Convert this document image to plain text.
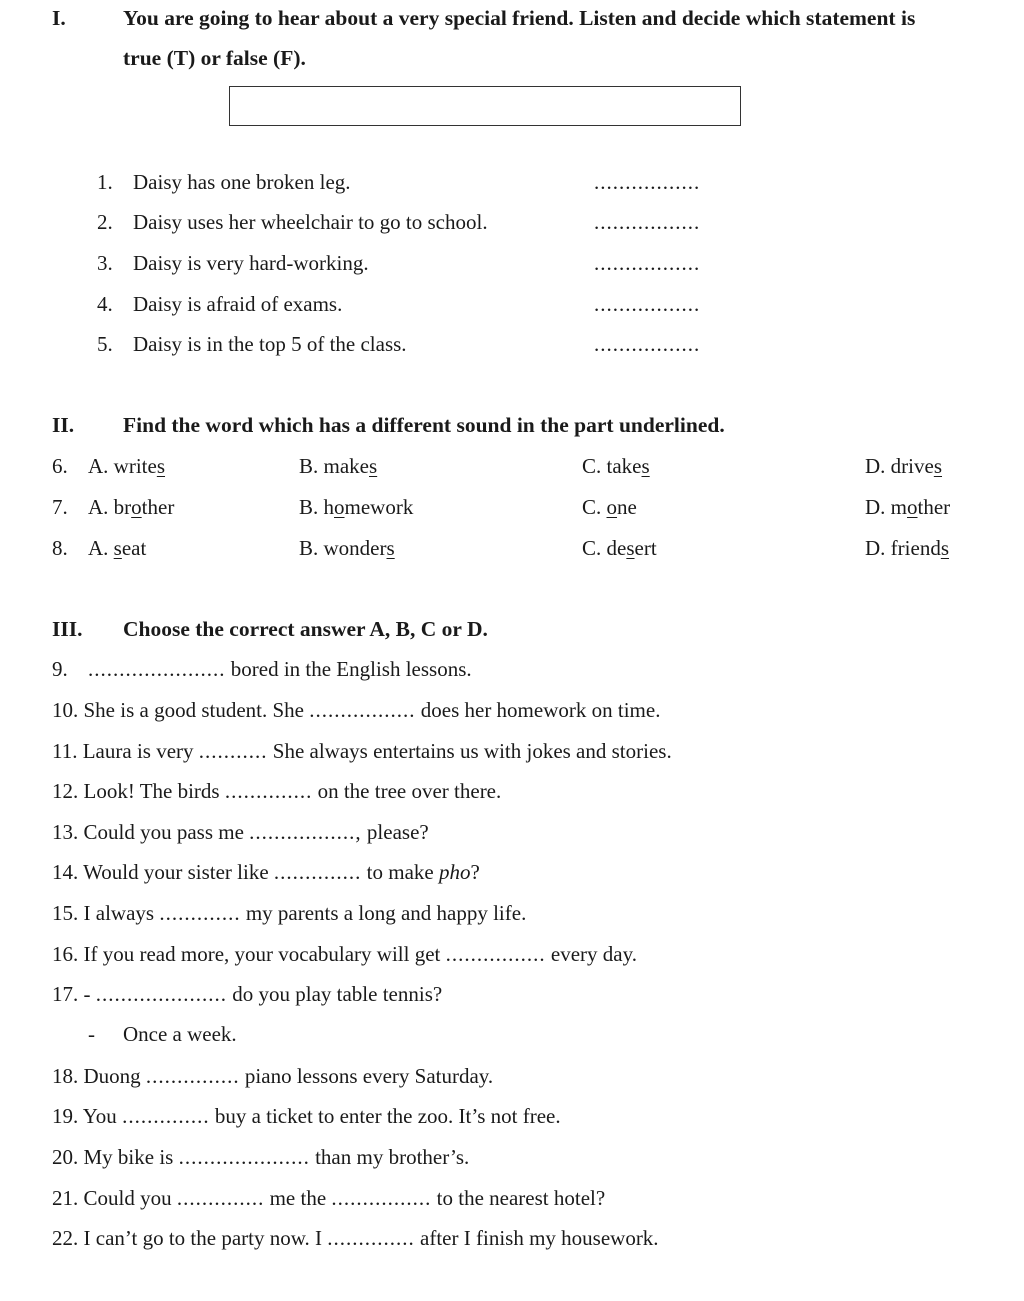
I.	You are going to hear about a very special friend. Listen and decide which statement is
true (T) or false (F).
1. Daisy has one broken leg.	.................
2. Daisy uses her wheelchair to go to school.	.................
3. Daisy is very hard-working.	.................
4. Daisy is afraid of exams.	.................
5. Daisy is in the top 5 of the class.	.................
II. Find the word which has a different sound in the part underlined.
6. A. writes	B. makes	C. takes	D. drives
7. A. brother	B. homework	C. one	D. mother
8. A. seat	B. wonders	C. desert	D. friends
III. Choose the correct answer A, B, C or D.
9. ...................... bored in the English lessons.
10. She is a good student. She ................. does her homework on time.
11. Laura is very ........... She always entertains us with jokes and stories.
12. Look! The birds .............. on the tree over there.
13. Could you pass me ................., please?
14. Would your sister like .............. to make pho?
15. I always ............. my parents a long and happy life.
16. If you read more, your vocabulary will get ................ every day.
17. - ..................... do you play table tennis?
- Once a week.
18. Duong ............... piano lessons every Saturday.
19. You .............. buy a ticket to enter the zoo. It’s not free.
20. My bike is ..................... than my brother’s.
21. Could you .............. me the ................ to the nearest hotel?
22. I can’t go to the party now. I .............. after I finish my housework.
